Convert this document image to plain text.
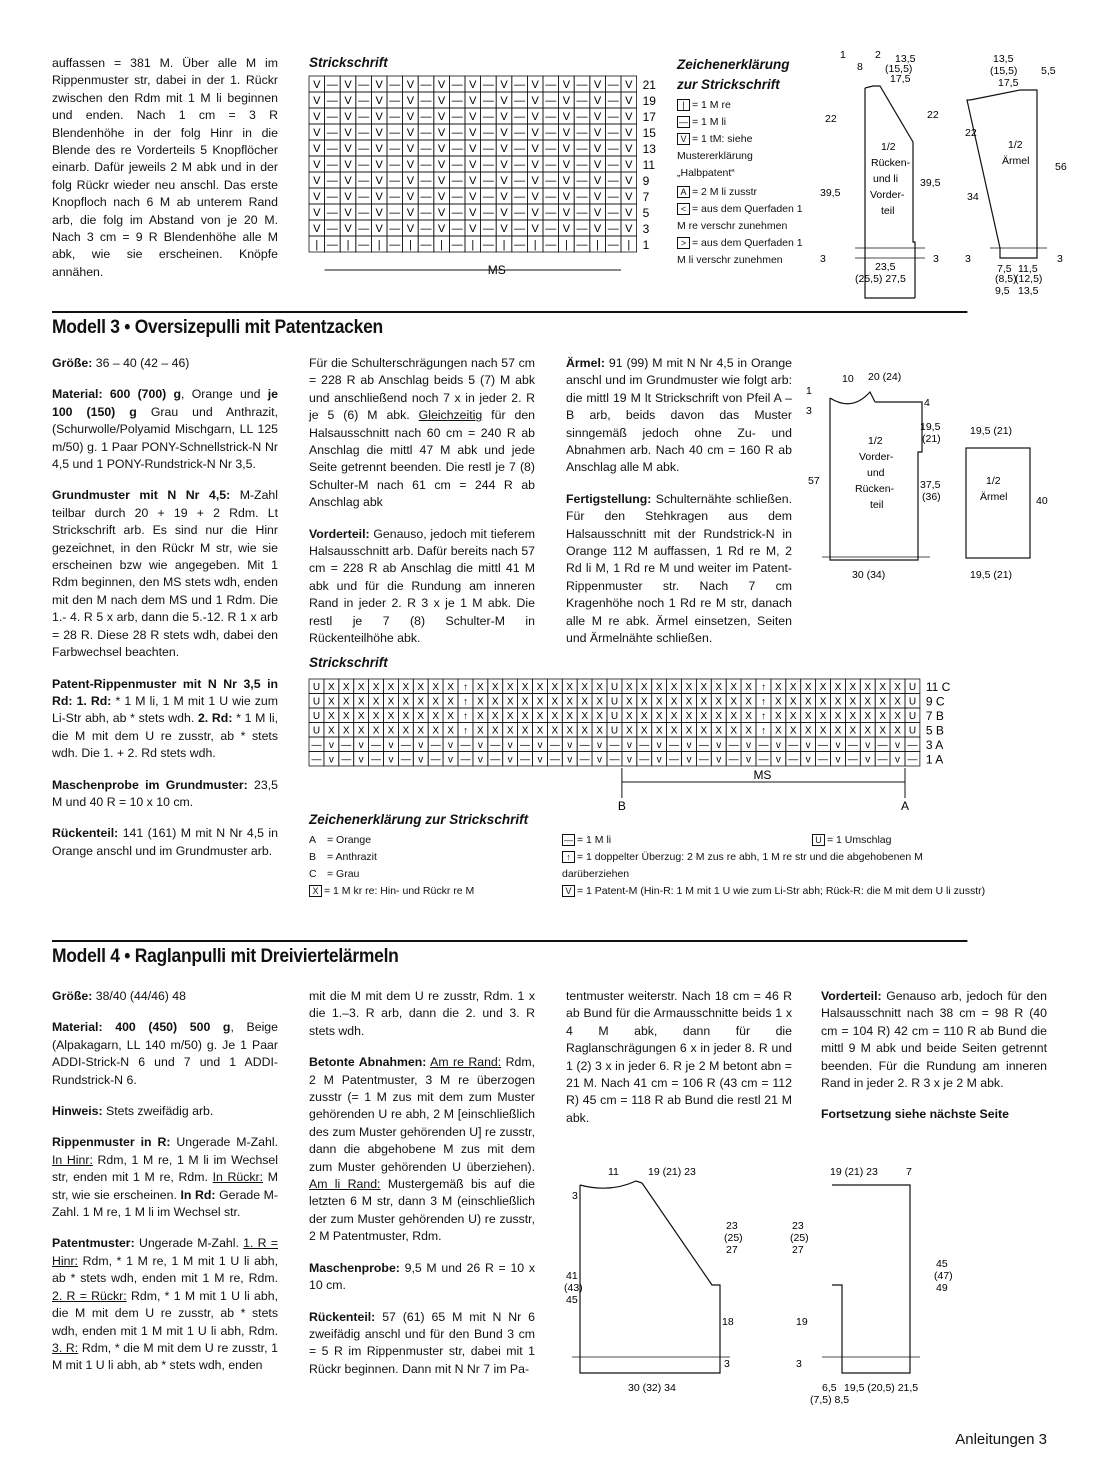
auffassen = 381 M. Über alle M im Rippenmuster str, dabei in der 1. Rückr zwischen den Rdm mit 1 M li beginnen und enden. Nach 1 cm = 3 R Blendenhöhe in der folg Hinr in die Blende des re Vorderteils 5 Knopflöcher einarb. Dafür jeweils 2 M abk und in der folg Rückr wieder neu anschl. Das erste Knopfloch nach 6 M ab unterem Rand arb, die folg im Abstand von je 20 M. Nach 3 cm = 9 R Blendenhöhe alle M abk, wie sie erscheinen. Knöpfe annähen.

Strickschrift
V — V — V — V — V — V — V — V — V — V — V 21
V — V — V — V — V — V — V — V — V — V — V 19
V — V — V — V — V — V — V — V — V — V — V 17
V — V — V — V — V — V — V — V — V — V — V 15
V — V — V — V — V — V — V — V — V — V — V 13
V — V — V — V — V — V — V — V — V — V — V 11
V — V — V — V — V — V — V — V — V — V — V 9
V — V — V — V — V — V — V — V — V — V — V 7
V — V — V — V — V — V — V — V — V — V — V 5
V — V — V — V — V — V — V — V — V — V — V 3
| — | — | — | — | — | — | — | — | — | — | 1
MS
Zeichenerklärung zur Strickschrift
| = 1 M re
— = 1 M li
V = 1 tM: siehe Mustererklärung „Halbpatent“
A = 2 M li zusstr
< = aus dem Querfaden 1 M re verschr zunehmen
> = aus dem Querfaden 1 M li verschr zunehmen
1
8
2 13,5
(15,5)
17,5
22	22
39,5
39,5
1/2
Rücken-
und li
Vorder-
teil
23,5
(25,5) 27,5
3	3
13,5
(15,5) 5,5
17,5
22
34
56
1/2
Ärmel
7,5
(8,5)
9,5
11,5
(12,5)
13,5
3	3
Modell 3 • Oversizepulli mit Patentzacken

Größe: 36 – 40 (42 – 46)

Material: 600 (700) g, Orange und je 100 (150) g Grau und Anthrazit, (Schurwolle/Polyamid Mischgarn, LL 125 m/50) g. 1 Paar PONY-Schnellstrick-N Nr 4,5 und 1 PONY-Rundstrick-N Nr 3,5.

Grundmuster mit N Nr 4,5: M-Zahl teilbar durch 20 + 19 + 2 Rdm. Lt Strickschrift arb. Es sind nur die Hinr gezeichnet, in den Rückr M str, wie sie erscheinen bzw wie angegeben. Mit 1 Rdm beginnen, den MS stets wdh, enden mit den M nach dem MS und 1 Rdm. Die 1.- 4. R 5 x arb, dann die 5.-12. R 1 x arb = 28 R. Diese 28 R stets wdh, dabei den Farbwechsel beachten.

Patent-Rippenmuster mit N Nr 3,5 in Rd: 1. Rd: * 1 M li, 1 M mit 1 U wie zum Li-Str abh, ab * stets wdh. 2. Rd: * 1 M li, die M mit dem U re zusstr, ab * stets wdh. Die 1. + 2. Rd stets wdh.

Maschenprobe im Grundmuster: 23,5 M und 40 R = 10 x 10 cm.

Rückenteil: 141 (161) M mit N Nr 4,5 in Orange anschl und im Grundmuster arb.

Für die Schulterschrägungen nach 57 cm = 228 R ab Anschlag beids 5 (7) M abk und anschließend noch 7 x in jeder 2. R je 5 (6) M abk. Gleichzeitig für den Halsausschnitt nach 60 cm = 240 R ab Anschlag die mittl 47 M abk und jede Seite getrennt beenden. Die restl je 7 (8) Schulter-M nach 61 cm = 244 R ab Anschlag abk

Vorderteil: Genauso, jedoch mit tieferem Halsausschnitt arb. Dafür bereits nach 57 cm = 228 R ab Anschlag die mittl 41 M abk und für die Rundung am inneren Rand in jeder 2. R 3 x je 1 M abk. Die restl je 7 (8) Schulter-M in Rückenteilhöhe abk.

Ärmel: 91 (99) M mit N Nr 4,5 in Orange anschl und im Grundmuster wie folgt arb: die mittl 19 M lt Strickschrift von Pfeil A – B arb, beids davon das Muster sinngemäß jedoch ohne Zu- und Abnahmen arb. Nach 40 cm = 160 R ab Anschlag alle M abk.

Fertigstellung: Schulternähte schließen. Für den Stehkragen aus dem Halsausschnitt mit der Rundstrick-N in Orange 112 M auffassen, 1 Rd re M, 2 Rd li M, 1 Rd re M und weiter im Patent-Rippenmuster str. Nach 7 cm Kragenhöhe noch 1 Rd re M str, danach alle M re abk. Ärmel einsetzen, Seiten und Ärmelnähte schließen.

10 20 (24)
1
3
4
19,5
(21)
37,5
(36)
57
1/2
Vorder-
und
Rücken-
teil
30 (34)
19,5 (21)
1/2
Ärmel	40
19,5 (21)
Strickschrift
U X X X X X X X X X ↑ X X X X X X X X X U X X X X X X X X X ↑ X X X X X X X X X U 11 C
U X X X X X X X X X ↑ X X X X X X X X X U X X X X X X X X X ↑ X X X X X X X X X U 9 C
U X X X X X X X X X ↑ X X X X X X X X X U X X X X X X X X X ↑ X X X X X X X X X U 7 B
U X X X X X X X X X ↑ X X X X X X X X X U X X X X X X X X X ↑ X X X X X X X X X U 5 B
— v — v — v — v — v — v — v — v — v — v — v — v — v — v — v — v — v — v — v — v — 3 A
— v — v — v — v — v — v — v — v — v — v — v — v — v — v — v — v — v — v — v — v — 1 A
B	A
MS
Zeichenerklärung zur Strickschrift
A = Orange
B = Anthrazit
C = Grau
X = 1 M kr re: Hin- und Rückr re M
— = 1 M li
↑ = 1 doppelter Überzug: 2 M zus re abh, 1 M re str und die abgehobenen M darüberziehen
V = 1 Patent-M (Hin-R: 1 M mit 1 U wie zum Li-Str abh; Rück-R: die M mit dem U li zusstr)
U = 1 Umschlag
Modell 4 • Raglanpulli mit Dreiviertelärmeln

Größe: 38/40 (44/46) 48

Material: 400 (450) 500 g, Beige (Alpakagarn, LL 140 m/50) g. Je 1 Paar ADDI-Strick-N 6 und 7 und 1 ADDI-Rundstrick-N 6.

Hinweis: Stets zweifädig arb.

Rippenmuster in R: Ungerade M-Zahl. In Hinr: Rdm, 1 M re, 1 M li im Wechsel str, enden mit 1 M re, Rdm. In Rückr: M str, wie sie erscheinen. In Rd: Gerade M-Zahl. 1 M re, 1 M li im Wechsel str.

Patentmuster: Ungerade M-Zahl. 1. R = Hinr: Rdm, * 1 M re, 1 M mit 1 U li abh, ab * stets wdh, enden mit 1 M re, Rdm. 2. R = Rückr: Rdm, * 1 M mit 1 U li abh, die M mit dem U re zusstr, ab * stets wdh, enden mit 1 M mit 1 U li abh, Rdm. 3. R: Rdm, * die M mit dem U re zusstr, 1 M mit 1 U li abh, ab * stets wdh, enden

mit die M mit dem U re zusstr, Rdm. 1 x die 1.–3. R arb, dann die 2. und 3. R stets wdh.

Betonte Abnahmen: Am re Rand: Rdm, 2 M Patentmuster, 3 M re überzogen zusstr (= 1 M zus mit dem zum Muster gehörenden U re abh, 2 M [einschließlich des zum Muster gehörenden U] re zusstr, dann die abgehobene M zus mit dem zum Muster gehörenden U überziehen). Am li Rand: Mustergemäß bis auf die letzten 6 M str, dann 3 M (einschließlich der zum Muster gehörenden U) re zusstr, 2 M Patentmuster, Rdm.

Maschenprobe: 9,5 M und 26 R = 10 x 10 cm.

Rückenteil: 57 (61) 65 M mit N Nr 6 zweifädig anschl und für den Bund 3 cm = 5 R im Rippenmuster str, dabei mit 1 Rückr beginnen. Dann mit N Nr 7 im Pa-

tentmuster weiterstr. Nach 18 cm = 46 R ab Bund für die Armausschnitte beids 1 x 4 M abk, dann für die Raglanschrägungen 6 x in jeder 8. R und 1 (2) 3 x in jeder 6. R je 2 M betont abn = 21 M. Nach 41 cm = 106 R (43 cm = 112 R) 45 cm = 118 R ab Bund die restl 21 M abk.

Vorderteil: Genauso arb, jedoch für den Halsausschnitt nach 38 cm = 98 R (40 cm = 104 R) 42 cm = 110 R ab Bund die mittl 9 M abk und beide Seiten getrennt beenden. Für die Rundung am inneren Rand in jeder 2. R 3 x je 2 M abk.

Fortsetzung siehe nächste Seite

11	19 (21) 23
3
41
(43)
45
23
(25)
27
18
3
30 (32) 34
19 (21) 23	7
23
(25)
27
19
3
45
(47)
49
6,5 19,5 (20,5) 21,5
(7,5) 8,5
Anleitungen 3
